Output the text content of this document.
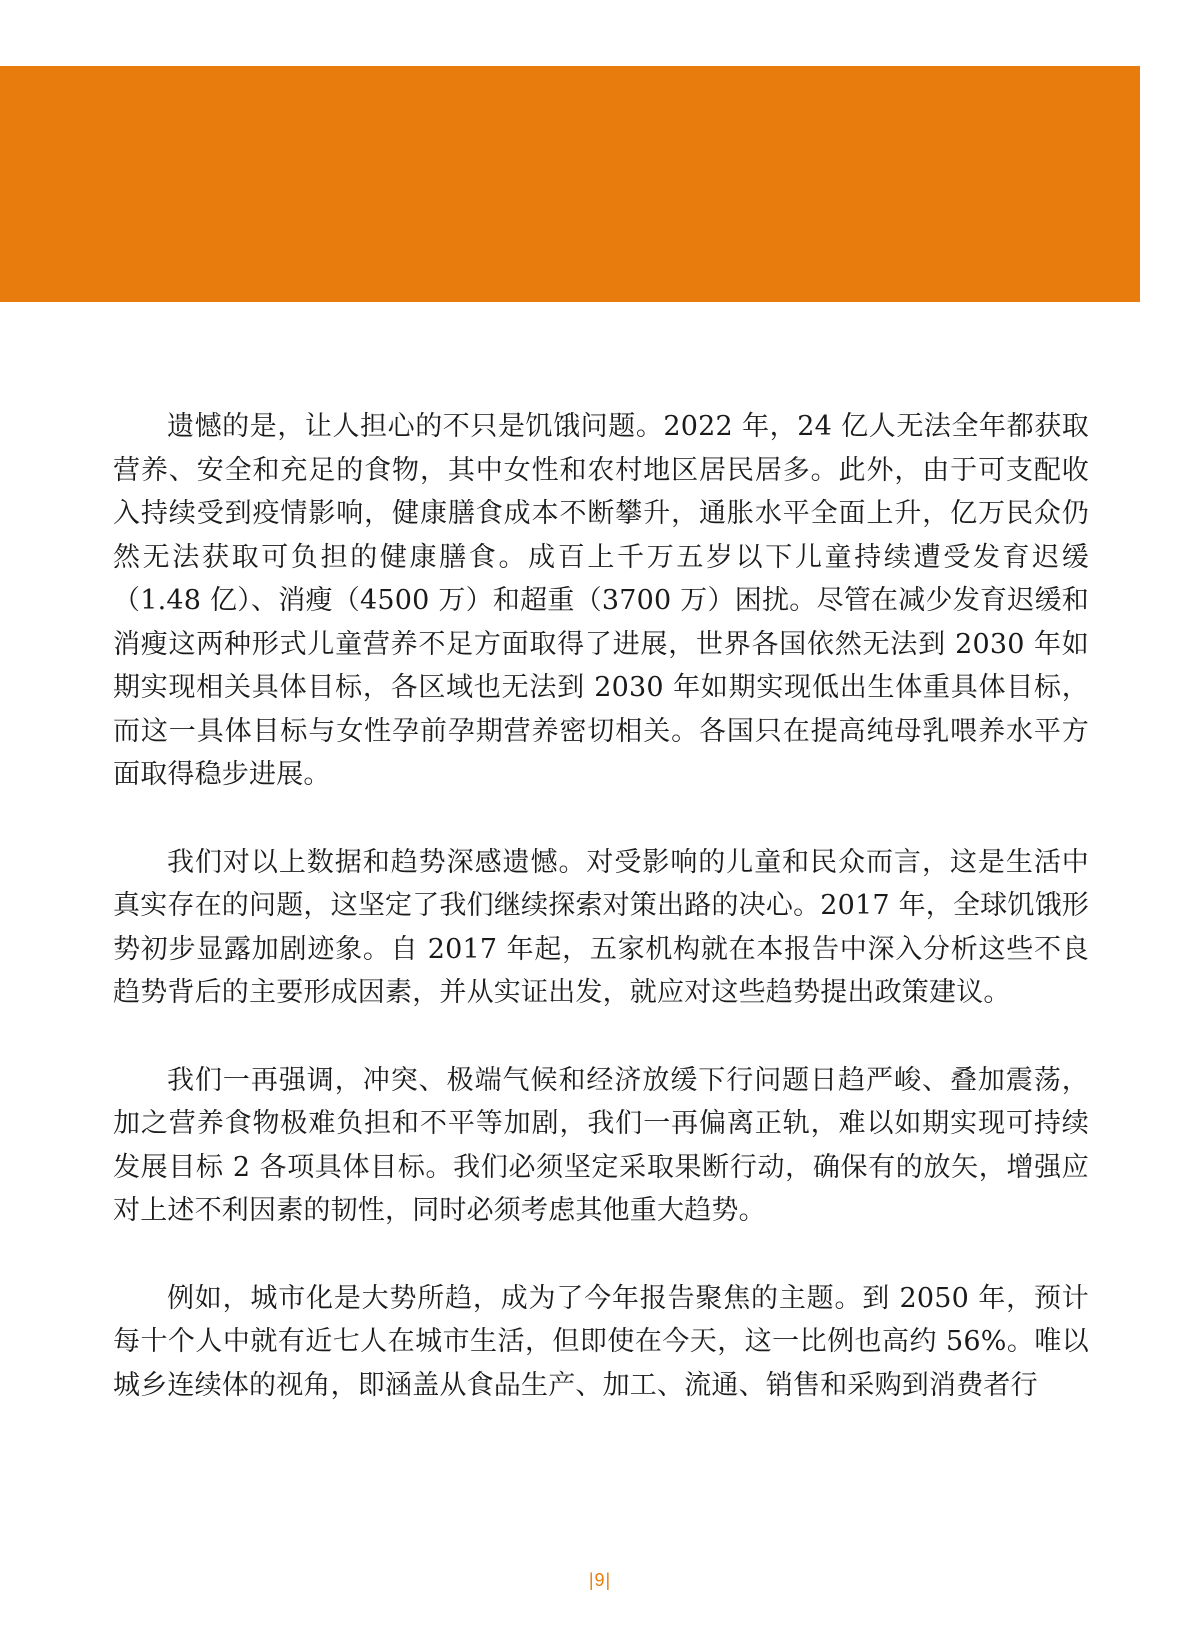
遗憾的是，让人担心的不只是饥饿问题。2022 年，24 亿人无法全年都获取营养、安全和充足的食物，其中女性和农村地区居民居多。此外，由于可支配收入持续受到疫情影响，健康膳食成本不断攀升，通胀水平全面上升，亿万民众仍然无法获取可负担的健康膳食。成百上千万五岁以下儿童持续遭受发育迟缓（1.48 亿）、消瘦（4500 万）和超重（3700 万）困扰。尽管在减少发育迟缓和消瘦这两种形式儿童营养不足方面取得了进展，世界各国依然无法到 2030 年如期实现相关具体目标，各区域也无法到 2030 年如期实现低出生体重具体目标，而这一具体目标与女性孕前孕期营养密切相关。各国只在提高纯母乳喂养水平方面取得稳步进展。

我们对以上数据和趋势深感遗憾。对受影响的儿童和民众而言，这是生活中真实存在的问题，这坚定了我们继续探索对策出路的决心。2017 年，全球饥饿形势初步显露加剧迹象。自 2017 年起，五家机构就在本报告中深入分析这些不良趋势背后的主要形成因素，并从实证出发，就应对这些趋势提出政策建议。

我们一再强调，冲突、极端气候和经济放缓下行问题日趋严峻、叠加震荡，加之营养食物极难负担和不平等加剧，我们一再偏离正轨，难以如期实现可持续发展目标 2 各项具体目标。我们必须坚定采取果断行动，确保有的放矢，增强应对上述不利因素的韧性，同时必须考虑其他重大趋势。

例如，城市化是大势所趋，成为了今年报告聚焦的主题。到 2050 年，预计每十个人中就有近七人在城市生活，但即使在今天，这一比例也高约 56%。唯以城乡连续体的视角，即涵盖从食品生产、加工、流通、销售和采购到消费者行

|9|
